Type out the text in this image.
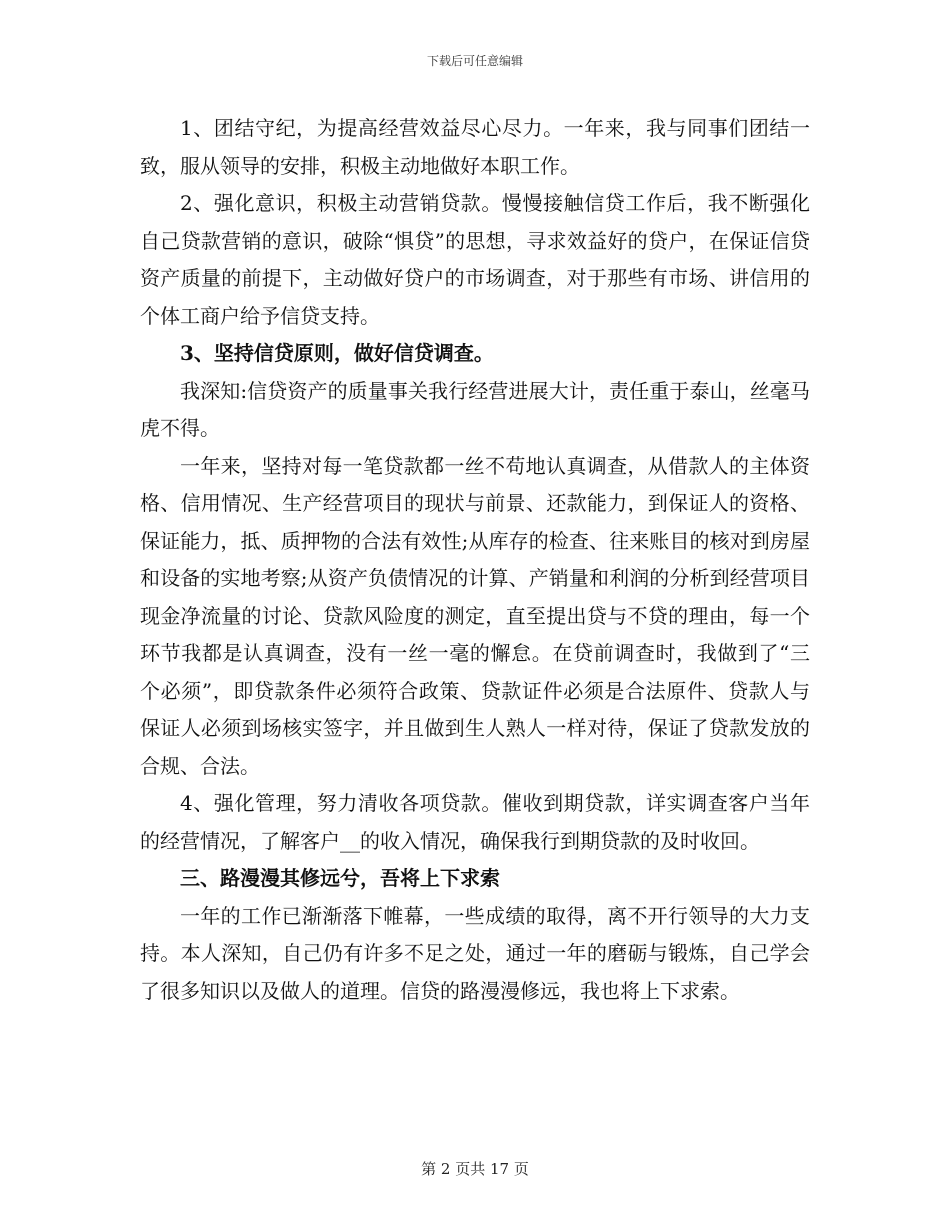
下载后可任意编辑

1、团结守纪，为提高经营效益尽心尽力。一年来，我与同事们团结一致，服从领导的安排，积极主动地做好本职工作。

2、强化意识，积极主动营销贷款。慢慢接触信贷工作后，我不断强化自己贷款营销的意识，破除“惧贷”的思想，寻求效益好的贷户，在保证信贷资产质量的前提下，主动做好贷户的市场调查，对于那些有市场、讲信用的个体工商户给予信贷支持。

3、坚持信贷原则，做好信贷调查。

我深知:信贷资产的质量事关我行经营进展大计，责任重于泰山，丝毫马虎不得。

一年来，坚持对每一笔贷款都一丝不苟地认真调查，从借款人的主体资格、信用情况、生产经营项目的现状与前景、还款能力，到保证人的资格、保证能力，抵、质押物的合法有效性;从库存的检查、往来账目的核对到房屋和设备的实地考察;从资产负债情况的计算、产销量和利润的分析到经营项目现金净流量的讨论、贷款风险度的测定，直至提出贷与不贷的理由，每一个环节我都是认真调查，没有一丝一毫的懈怠。在贷前调查时，我做到了“三个必须”，即贷款条件必须符合政策、贷款证件必须是合法原件、贷款人与保证人必须到场核实签字，并且做到生人熟人一样对待，保证了贷款发放的合规、合法。

4、强化管理，努力清收各项贷款。催收到期贷款，详实调查客户当年的经营情况，了解客户__的收入情况，确保我行到期贷款的及时收回。

三、路漫漫其修远兮，吾将上下求索

一年的工作已渐渐落下帷幕，一些成绩的取得，离不开行领导的大力支持。本人深知，自己仍有许多不足之处，通过一年的磨砺与锻炼，自己学会了很多知识以及做人的道理。信贷的路漫漫修远，我也将上下求索。

第 2 页共 17 页
